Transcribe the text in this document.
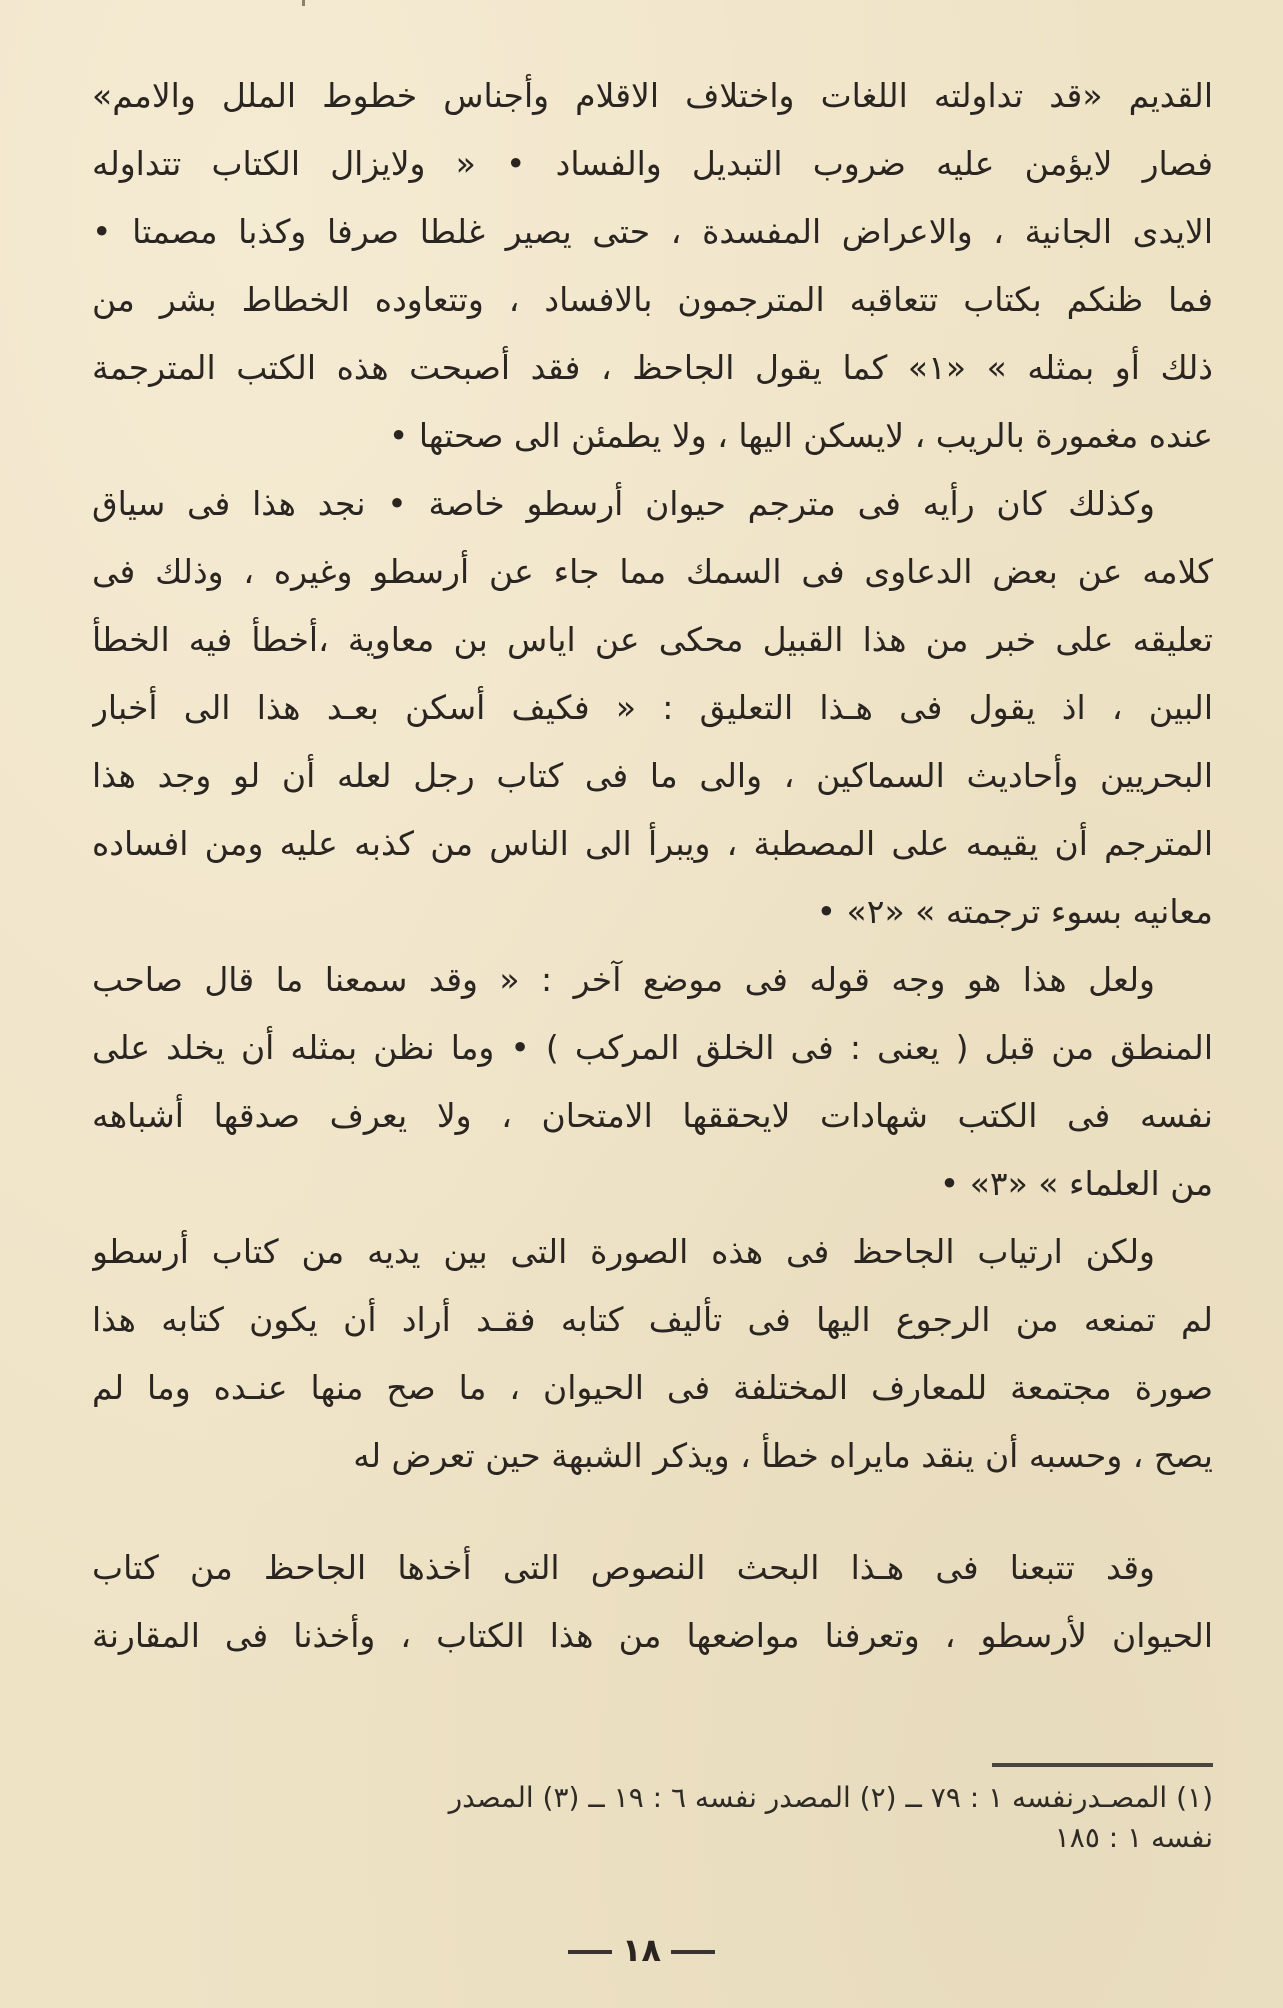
القديم «قد تداولته اللغات واختلاف الاقلام وأجناس خطوط الملل والامم»
فصار لايؤمن عليه ضروب التبديل والفساد • « ولايزال الكتاب تتداوله
الايدى الجانية ، والاعراض المفسدة ، حتى يصير غلطا صرفا وكذبا مصمتا •
فما ظنكم بكتاب تتعاقبه المترجمون بالافساد ، وتتعاوده الخطاط بشر من
ذلك أو بمثله » «١» كما يقول الجاحظ ، فقد أصبحت هذه الكتب المترجمة
عنده مغمورة بالريب ، لايسكن اليها ، ولا يطمئن الى صحتها •
وكذلك كان رأيه فى مترجم حيوان أرسطو خاصة • نجد هذا فى سياق
كلامه عن بعض الدعاوى فى السمك مما جاء عن أرسطو وغيره ، وذلك فى
تعليقه على خبر من هذا القبيل محكى عن اياس بن معاوية ،أخطأ فيه الخطأ
البين ، اذ يقول فى هـذا التعليق : « فكيف أسكن بعـد هذا الى أخبار
البحريين وأحاديث السماكين ، والى ما فى كتاب رجل لعله أن لو وجد هذا
المترجم أن يقيمه على المصطبة ، ويبرأ الى الناس من كذبه عليه ومن افساده
معانيه بسوء ترجمته » «٢» •
ولعل هذا هو وجه قوله فى موضع آخر : « وقد سمعنا ما قال صاحب
المنطق من قبل ( يعنى : فى الخلق المركب ) • وما نظن بمثله أن يخلد على
نفسه فى الكتب شهادات لايحققها الامتحان ، ولا يعرف صدقها أشباهه
من العلماء » «٣» •
ولكن ارتياب الجاحظ فى هذه الصورة التى بين يديه من كتاب أرسطو
لم تمنعه من الرجوع اليها فى تأليف كتابه فقـد أراد أن يكون كتابه هذا
صورة مجتمعة للمعارف المختلفة فى الحيوان ، ما صح منها عنـده وما لم
يصح ، وحسبه أن ينقد مايراه خطأ ، ويذكر الشبهة حين تعرض له
وقد تتبعنا فى هـذا البحث النصوص التى أخذها الجاحظ من كتاب
الحيوان لأرسطو ، وتعرفنا مواضعها من هذا الكتاب ، وأخذنا فى المقارنة
(١) المصـدرنفسه ١ : ٧٩ ــ (٢) المصدر نفسه ٦ : ١٩ ــ (٣) المصدر
نفسه ١ : ١٨٥
١٨
